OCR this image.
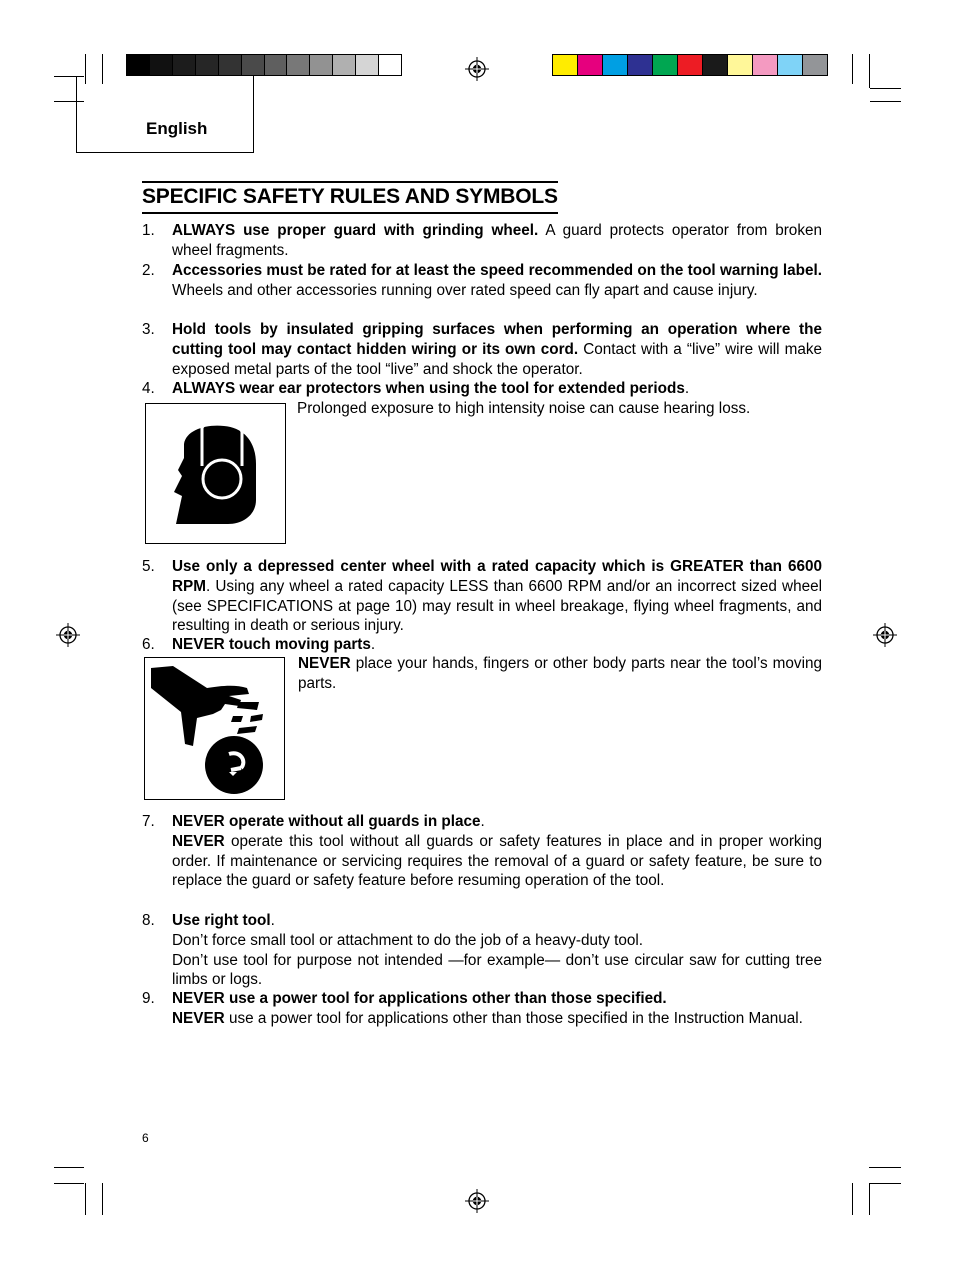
English
SPECIFIC SAFETY RULES AND SYMBOLS
1.	ALWAYS use proper guard with grinding wheel. A guard protects operator from broken wheel fragments.
2.	Accessories must be rated for at least the speed recommended on the tool warning label. Wheels and other accessories running over rated speed can fly apart and cause injury.
3.	Hold tools by insulated gripping surfaces when performing an operation where the cutting tool may contact hidden wiring or its own cord. Contact with a “live” wire will make exposed metal parts of the tool “live” and shock the operator.
4.	ALWAYS wear ear protectors when using the tool for extended periods.
Prolonged exposure to high intensity noise can cause hearing loss.
5.	Use only a depressed center wheel with a rated capacity which is GREATER than 6600 RPM. Using any wheel a rated capacity LESS than 6600 RPM and/or an incorrect sized wheel (see SPECIFICATIONS at page 10) may result in wheel breakage, flying wheel fragments, and resulting in death or serious injury.
6.	NEVER touch moving parts.
NEVER place your hands, fingers or other body parts near the tool’s moving parts.
7.	NEVER operate without all guards in place.
NEVER operate this tool without all guards or safety features in place and in proper working order. If maintenance or servicing requires the removal of a guard or safety feature, be sure to replace the guard or safety feature before resuming operation of the tool.
8.	Use right tool.
Don’t force small tool or attachment to do the job of a heavy-duty tool.
Don’t use tool for purpose not intended —for example— don’t use circular saw for cutting tree limbs or logs.
9.	NEVER use a power tool for applications other than those specified.
NEVER use a power tool for applications other than those specified in the Instruction Manual.
6
